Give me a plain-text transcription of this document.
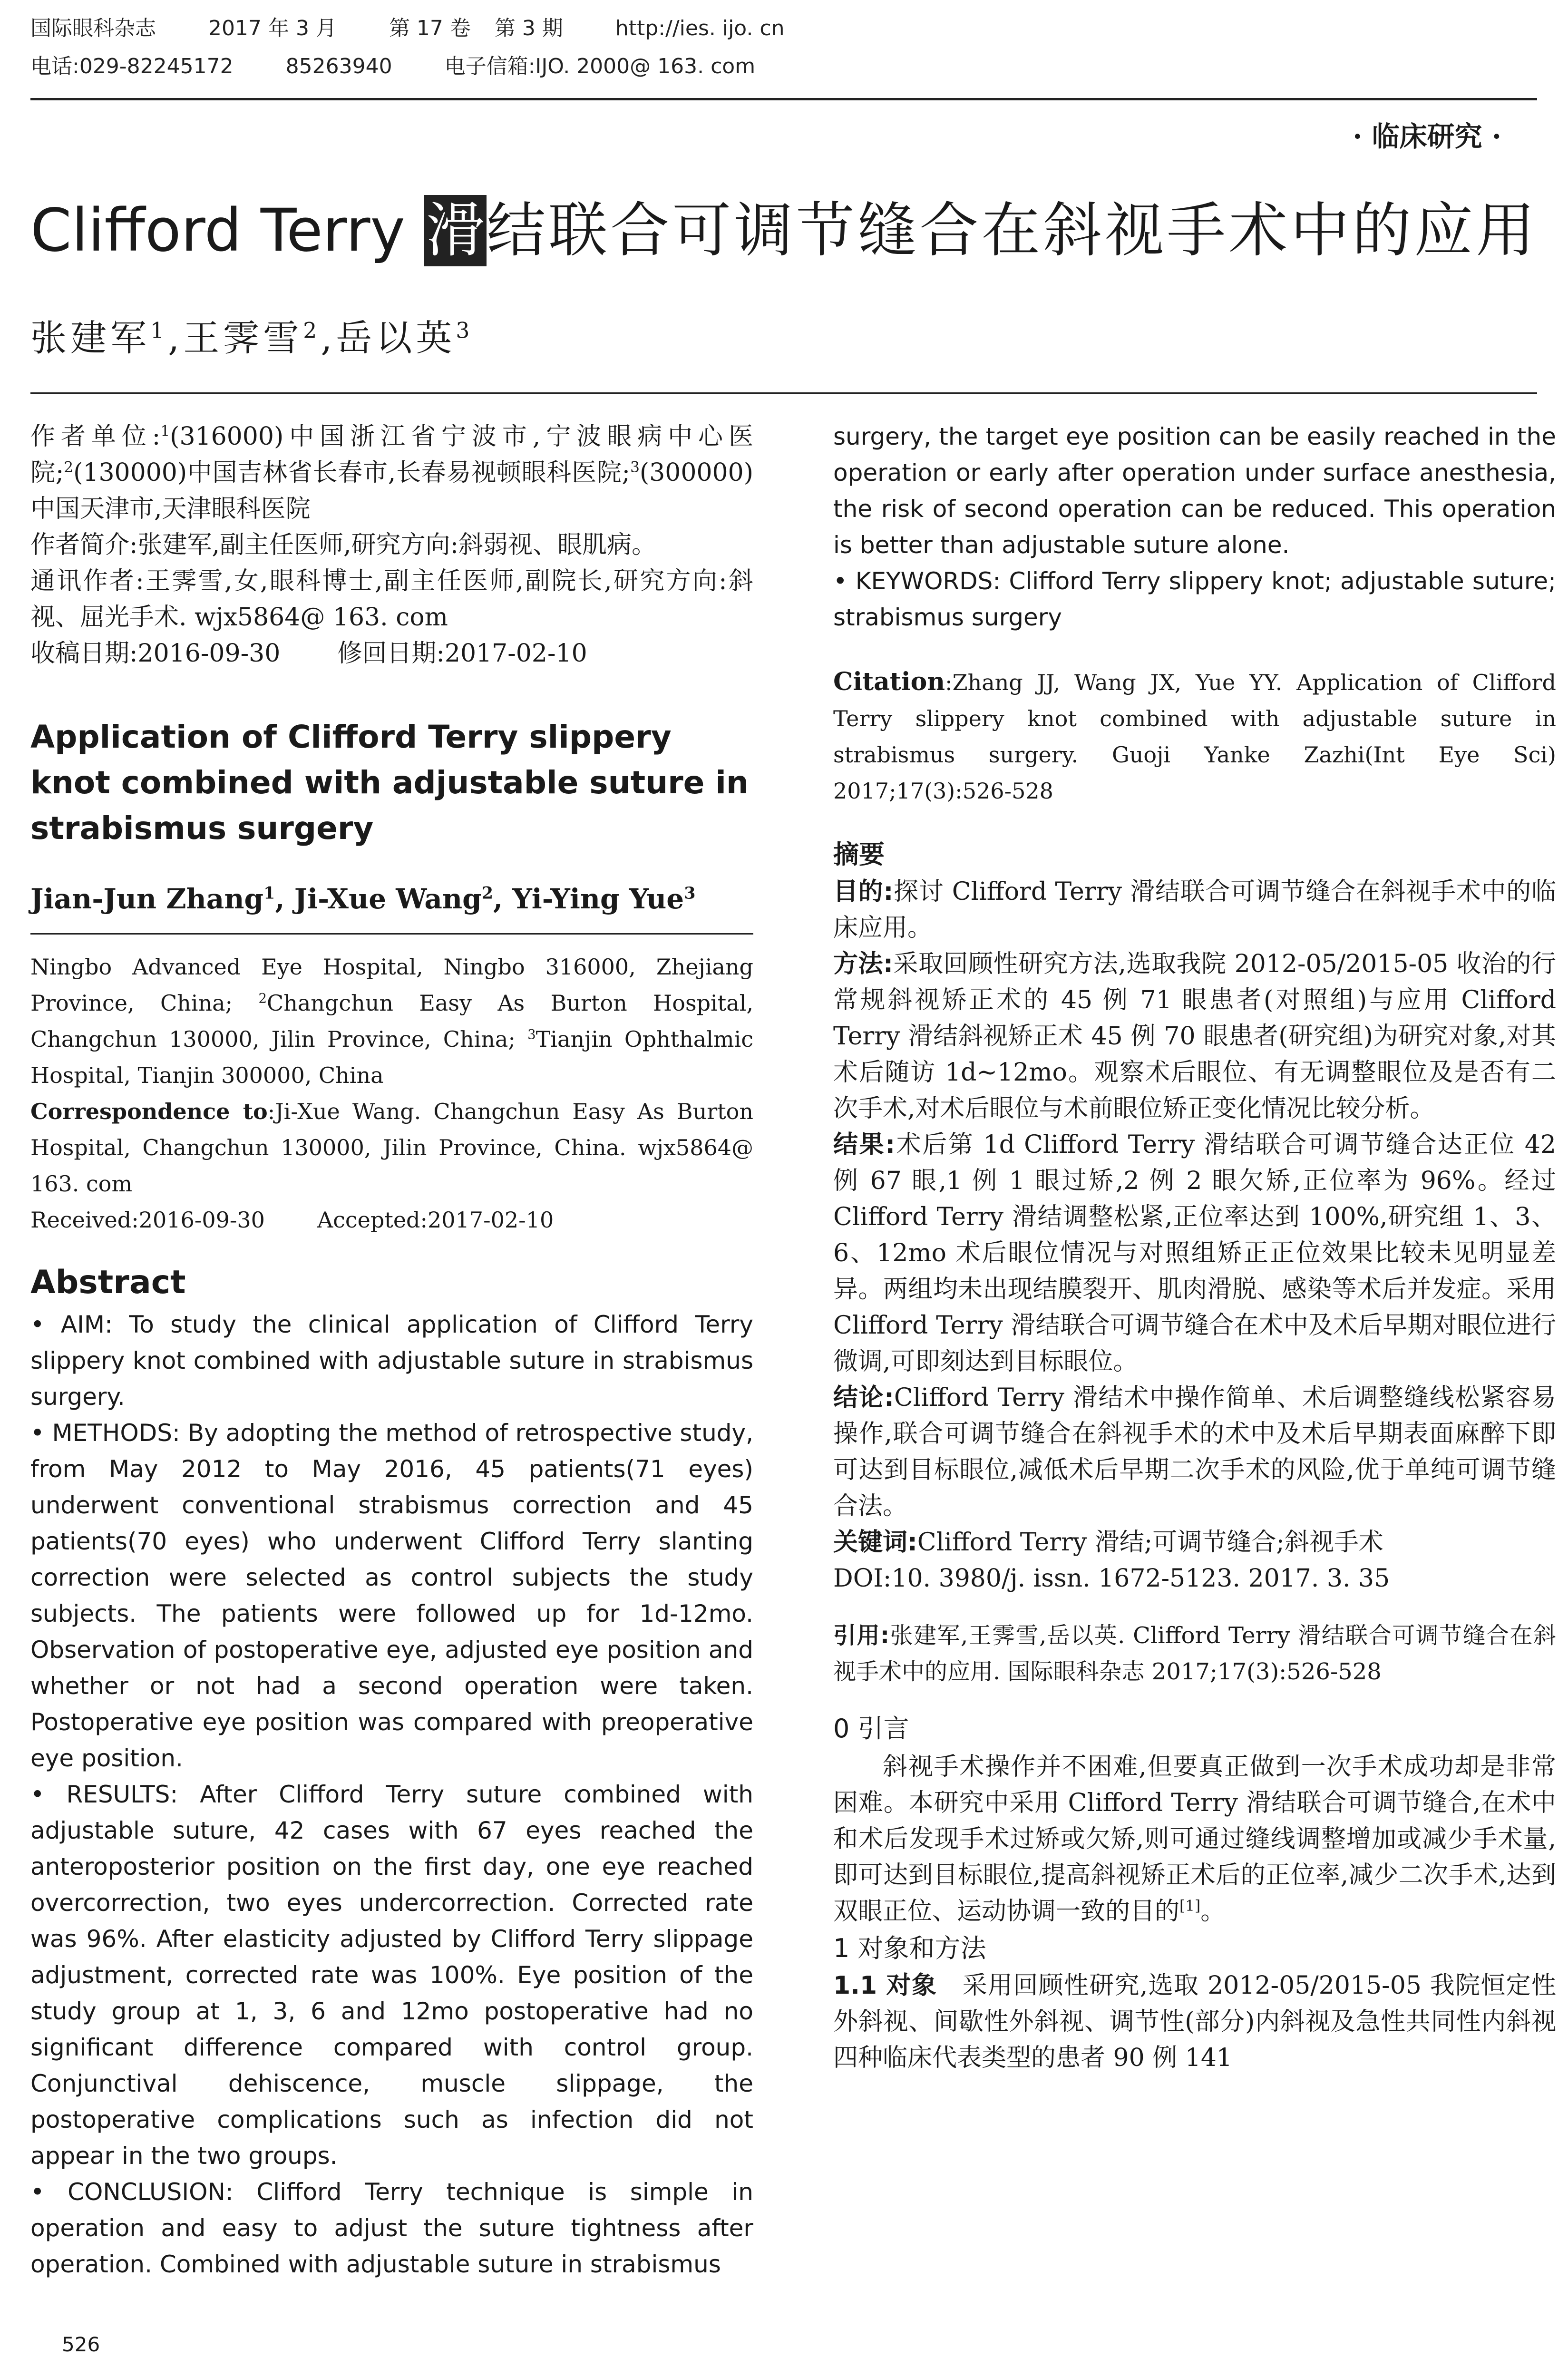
国际眼科杂志	2017 年 3 月	第 17 卷 第 3 期	http://ies. ijo. cn
电话:029-82245172	85263940	电子信箱:IJO. 2000@ 163. com
· 临床研究 ·
Clifford Terry 滑结联合可调节缝合在斜视手术中的应用
张建军$^1$,王霁雪$^2$,岳以英$^3$

作者单位:$^1$(316000)中国浙江省宁波市,宁波眼病中心医院;$^2$(130000)中国吉林省长春市,长春易视顿眼科医院;$^3$(300000)中国天津市,天津眼科医院

作者简介:张建军,副主任医师,研究方向:斜弱视、眼肌病。

通讯作者:王霁雪,女,眼科博士,副主任医师,副院长,研究方向:斜视、屈光手术. wjx5864@ 163. com

收稿日期:2016-09-30 修回日期:2017-02-10

Application of Clifford Terry slippery knot combined with adjustable suture in strabismus surgery

Jian-Jun Zhang$^1$, Ji-Xue Wang$^2$, Yi-Ying Yue$^3$

Ningbo Advanced Eye Hospital, Ningbo 316000, Zhejiang Province, China; $^2$Changchun Easy As Burton Hospital, Changchun 130000, Jilin Province, China; $^3$Tianjin Ophthalmic Hospital, Tianjin 300000, China

Correspondence to:Ji-Xue Wang. Changchun Easy As Burton Hospital, Changchun 130000, Jilin Province, China. wjx5864@ 163. com

Received:2016-09-30 Accepted:2017-02-10

Abstract

• AIM: To study the clinical application of Clifford Terry slippery knot combined with adjustable suture in strabismus surgery.

• METHODS: By adopting the method of retrospective study, from May 2012 to May 2016, 45 patients(71 eyes) underwent conventional strabismus correction and 45 patients(70 eyes) who underwent Clifford Terry slanting correction were selected as control subjects the study subjects. The patients were followed up for 1d-12mo. Observation of postoperative eye, adjusted eye position and whether or not had a second operation were taken. Postoperative eye position was compared with preoperative eye position.

• RESULTS: After Clifford Terry suture combined with adjustable suture, 42 cases with 67 eyes reached the anteroposterior position on the first day, one eye reached overcorrection, two eyes undercorrection. Corrected rate was 96%. After elasticity adjusted by Clifford Terry slippage adjustment, corrected rate was 100%. Eye position of the study group at 1, 3, 6 and 12mo postoperative had no significant difference compared with control group. Conjunctival dehiscence, muscle slippage, the postoperative complications such as infection did not appear in the two groups.

• CONCLUSION: Clifford Terry technique is simple in operation and easy to adjust the suture tightness after operation. Combined with adjustable suture in strabismus

surgery, the target eye position can be easily reached in the operation or early after operation under surface anesthesia, the risk of second operation can be reduced. This operation is better than adjustable suture alone.

• KEYWORDS: Clifford Terry slippery knot; adjustable suture; strabismus surgery

Citation:Zhang JJ, Wang JX, Yue YY. Application of Clifford Terry slippery knot combined with adjustable suture in strabismus surgery. Guoji Yanke Zazhi(Int Eye Sci) 2017;17(3):526-528

摘要

目的:探讨 Clifford Terry 滑结联合可调节缝合在斜视手术中的临床应用。

方法:采取回顾性研究方法,选取我院 2012-05/2015-05 收治的行常规斜视矫正术的 45 例 71 眼患者(对照组)与应用 Clifford Terry 滑结斜视矫正术 45 例 70 眼患者(研究组)为研究对象,对其术后随访 1d~12mo。观察术后眼位、有无调整眼位及是否有二次手术,对术后眼位与术前眼位矫正变化情况比较分析。

结果:术后第 1d Clifford Terry 滑结联合可调节缝合达正位 42 例 67 眼,1 例 1 眼过矫,2 例 2 眼欠矫,正位率为 96%。经过 Clifford Terry 滑结调整松紧,正位率达到 100%,研究组 1、3、6、12mo 术后眼位情况与对照组矫正正位效果比较未见明显差异。两组均未出现结膜裂开、肌肉滑脱、感染等术后并发症。采用 Clifford Terry 滑结联合可调节缝合在术中及术后早期对眼位进行微调,可即刻达到目标眼位。

结论:Clifford Terry 滑结术中操作简单、术后调整缝线松紧容易操作,联合可调节缝合在斜视手术的术中及术后早期表面麻醉下即可达到目标眼位,减低术后早期二次手术的风险,优于单纯可调节缝合法。

关键词:Clifford Terry 滑结;可调节缝合;斜视手术

DOI:10. 3980/j. issn. 1672-5123. 2017. 3. 35

引用:张建军,王霁雪,岳以英. Clifford Terry 滑结联合可调节缝合在斜视手术中的应用. 国际眼科杂志 2017;17(3):526-528

0 引言

斜视手术操作并不困难,但要真正做到一次手术成功却是非常困难。本研究中采用 Clifford Terry 滑结联合可调节缝合,在术中和术后发现手术过矫或欠矫,则可通过缝线调整增加或减少手术量,即可达到目标眼位,提高斜视矫正术后的正位率,减少二次手术,达到双眼正位、运动协调一致的目的[1]。

1 对象和方法

1.1 对象 采用回顾性研究,选取 2012-05/2015-05 我院恒定性外斜视、间歇性外斜视、调节性(部分)内斜视及急性共同性内斜视四种临床代表类型的患者 90 例 141

526
